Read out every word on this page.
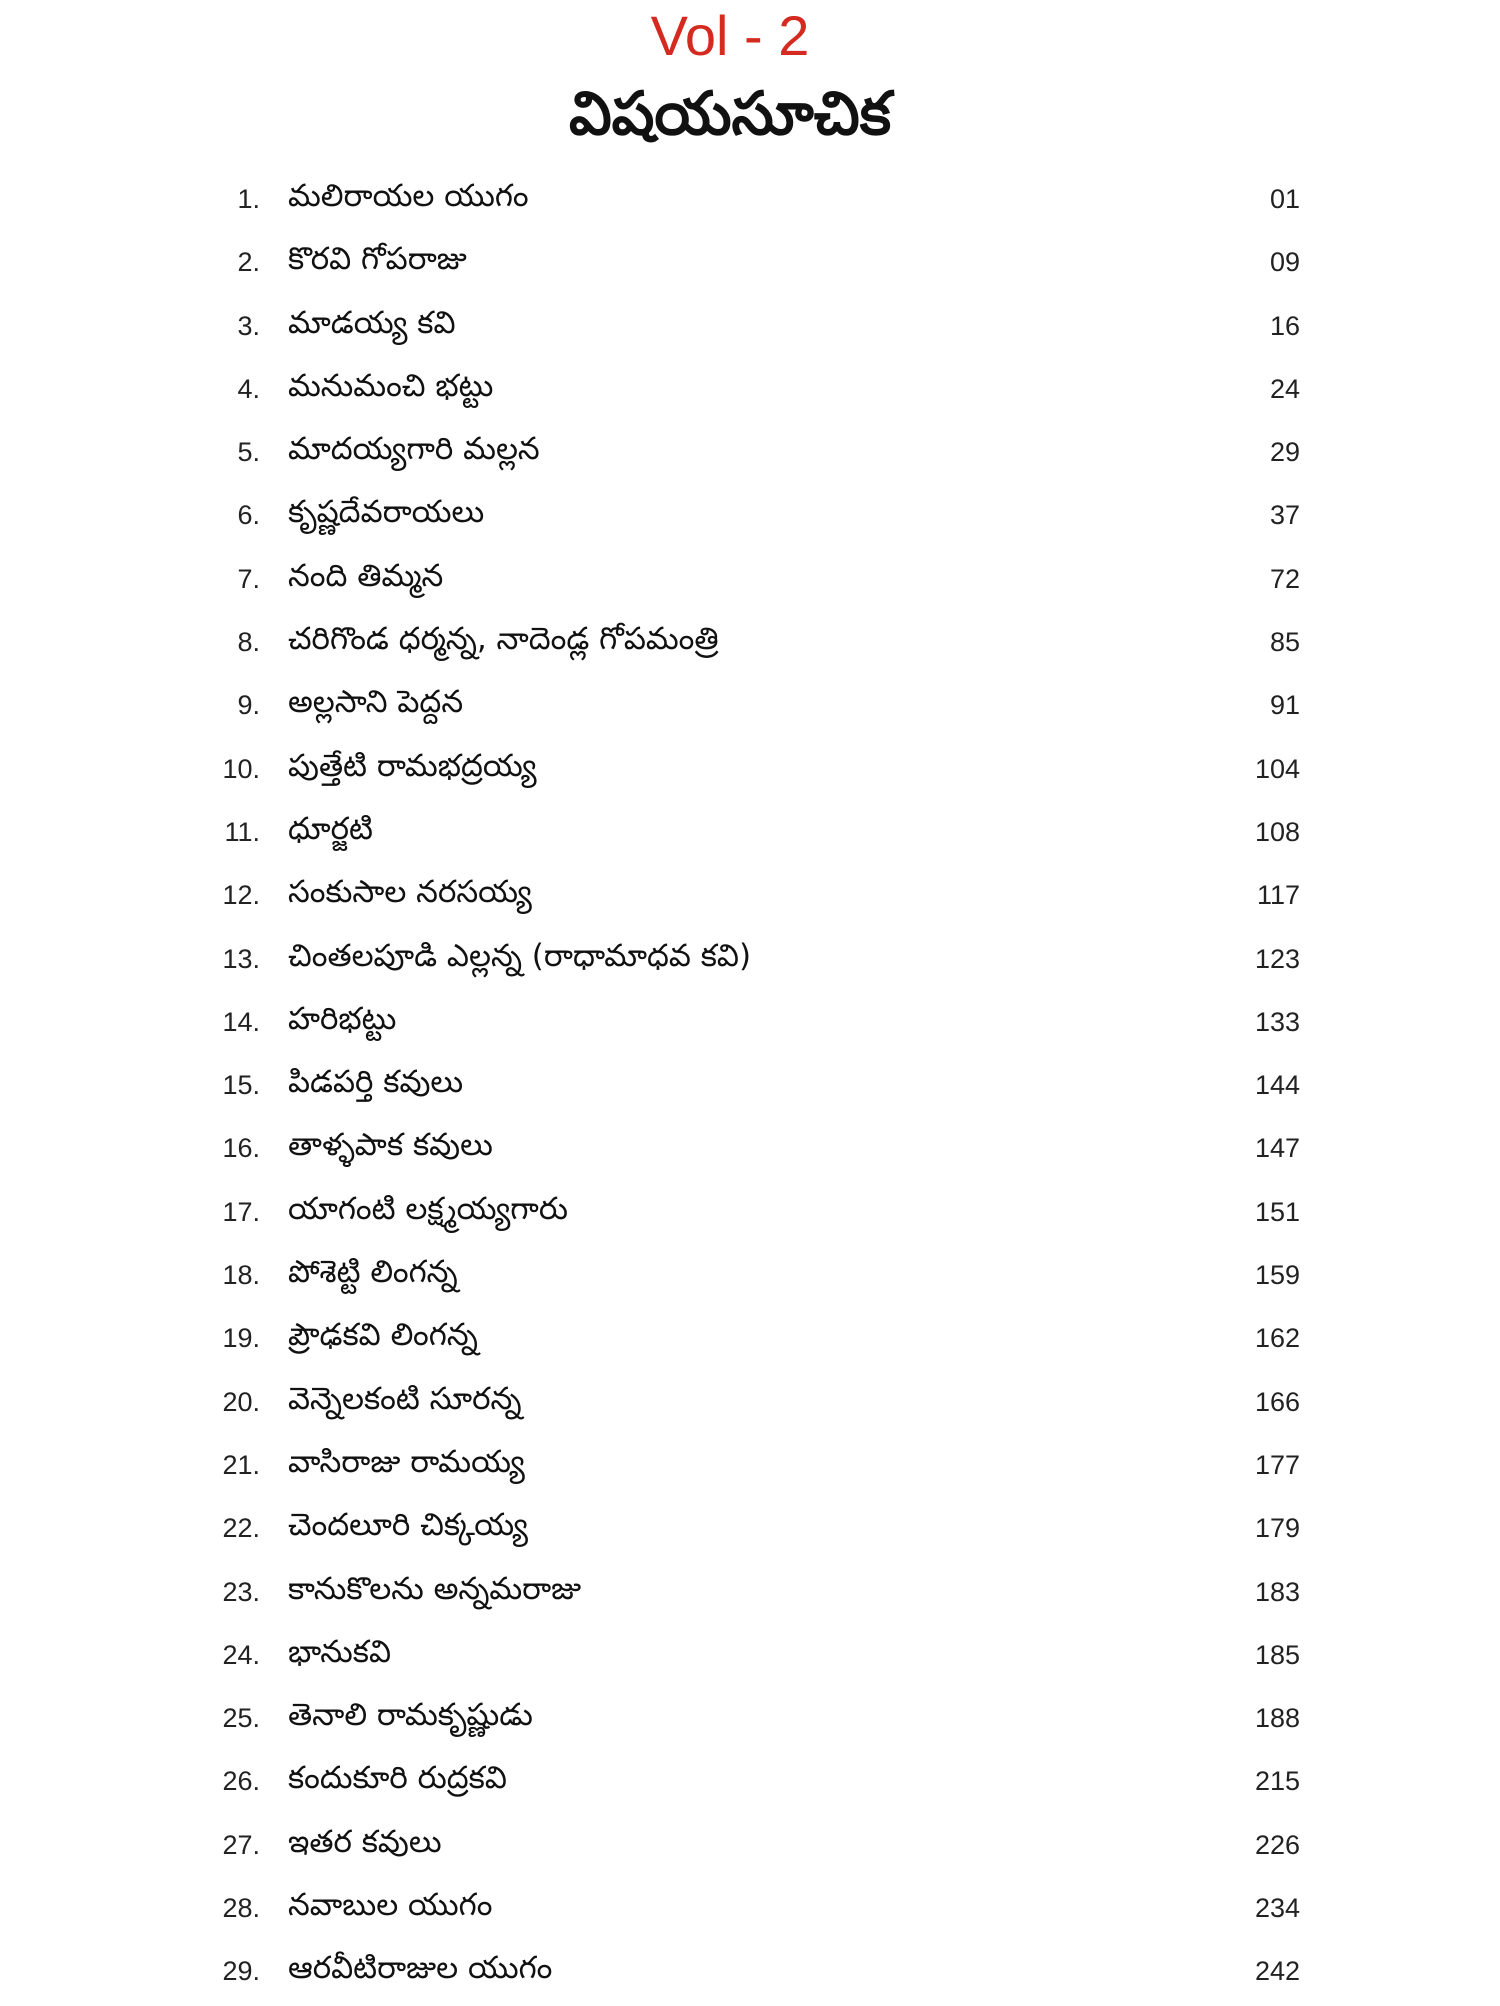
Vol - 2
విషయసూచిక
1. మలిరాయల యుగం	01
2. కొరవి గోపరాజు	09
3. మాడయ్య కవి	16
4. మనుమంచి భట్టు	24
5. మాదయ్యగారి మల్లన	29
6. కృష్ణదేవరాయలు	37
7. నంది తిమ్మన	72
8. చరిగొండ ధర్మన్న, నాదెండ్ల గోపమంత్రి	85
9. అల్లసాని పెద్దన	91
10. పుత్తేటి రామభద్రయ్య	104
11. ధూర్జటి	108
12. సంకుసాల నరసయ్య	117
13. చింతలపూడి ఎల్లన్న (రాధామాధవ కవి)	123
14. హరిభట్టు	133
15. పిడపర్తి కవులు	144
16. తాళ్ళపాక కవులు	147
17. యాగంటి లక్ష్మయ్యగారు	151
18. పోశెట్టి లింగన్న	159
19. ప్రౌఢకవి లింగన్న	162
20. వెన్నెలకంటి సూరన్న	166
21. వాసిరాజు రామయ్య	177
22. చెందలూరి చిక్కయ్య	179
23. కానుకొలను అన్నమరాజు	183
24. భానుకవి	185
25. తెనాలి రామకృష్ణుడు	188
26. కందుకూరి రుద్రకవి	215
27. ఇతర కవులు	226
28. నవాబుల యుగం	234
29. ఆరవీటిరాజుల యుగం	242
